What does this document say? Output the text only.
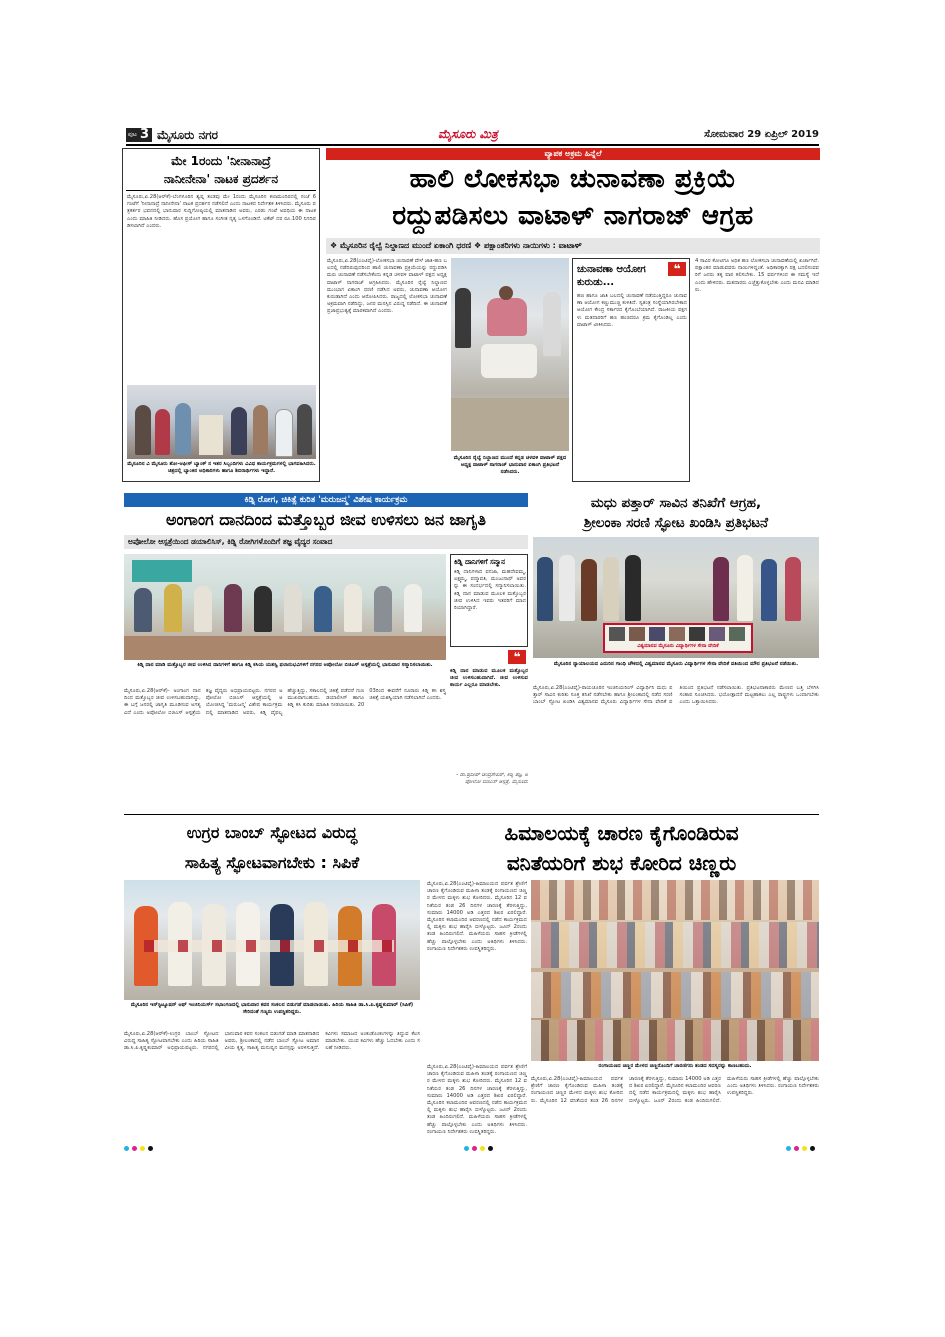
ಪುಟ 3 ಮೈಸೂರು ನಗರ	ಮೈಸೂರು ಮಿತ್ರ	ಸೋಮವಾರ 29 ಏಪ್ರಿಲ್ 2019
ಮೇ 1ರಂದು 'ನೀನಾನಾದ್ರೆ
ನಾನೀನೇನಾ' ನಾಟಕ ಪ್ರದರ್ಶನ
ಮೈಸೂರು,ಏ.28(ಆರ್‌ಕೆ)-ಬೆಂಗಳೂರಿನ ಶ್ವಪ್ನ ತಂಡವು ಮೇ 1ರಂದು ಮೈಸೂರಿನ ಕಲಾಮಂದಿರದಲ್ಲಿ ಸಂಜೆ 6 ಗಂಟೆಗೆ 'ನೀನಾನಾದ್ರೆ ನಾನೀನೇನಾ' ನಾಟಕ ಪ್ರದರ್ಶನ ನಡೆಸಲಿದೆ ಎಂದು ನಾಟಕದ ನಿರ್ದೇಶಕ ತಿಳಿಸಿದರು. ಮೈಸೂರು ಪತ್ರಕರ್ತರ ಭವನದಲ್ಲಿ ಭಾನುವಾರ ಸುದ್ದಿಗೋಷ್ಠಿಯಲ್ಲಿ ಮಾತನಾಡಿದ ಅವರು, ಎರಡು ಗಂಟೆ ಅವಧಿಯ ಈ ನಾಟಕ ಎಂದು ಮಾಹಿತಿ ನೀಡಿದರು. ಹೊಸ ಪ್ರಯೋಗ ಹಾಗೂ ಸಂಗೀತ ನೃತ್ಯ ಒಳಗೊಂಡಿದೆ. ಟಿಕೆಟ್ ದರ ರೂ.100 ನಿಗದಿಪಡಿಸಲಾಗಿದೆ ಎಂದರು.
ಮೈಸೂರಿನ ವಿ ಮೈಸೂರು ಶೋ-ಆಫೀಸ್ ಬ್ಯಾಂಕ್ ನ ಇತರ ಸಿಬ್ಬಂದಿಗಳು ವಿವಿಧ ಕಾರ್ಯಕ್ರಮಗಳಲ್ಲಿ ಭಾಗವಹಿಸಿದರು. ಚಿತ್ರದಲ್ಲಿ ಬ್ಯಾಂಕಿನ ಅಧಿಕಾರಿಗಳು ಹಾಗೂ ಶಿಬಿರಾರ್ಥಿಗಳು ಇದ್ದಾರೆ.
ವ್ಯಾಪಕ ಅಕ್ರಮ ಹಿನ್ನೆಲೆ
ಹಾಲಿ ಲೋಕಸಭಾ ಚುನಾವಣಾ ಪ್ರಕ್ರಿಯೆ
ರದ್ದುಪಡಿಸಲು ವಾಟಾಳ್ ನಾಗರಾಜ್ ಆಗ್ರಹ
❖ ಮೈಸೂರಿನ ರೈಲ್ವೆ ನಿಲ್ದಾಣದ ಮುಂದೆ ಏಕಾಂಗಿ ಧರಣಿ ❖ ಪಕ್ಷಾಂತರಿಗಳು ನಾಯಿಗಳು : ವಾಟಾಳ್
ಮೈಸೂರು,ಏ.28(ಎಂಟಿವೈ)-ಲೋಕಸಭಾ ಚುನಾವಣೆ ವೇಳೆ ಜಾತಿ-ಹಣ ಬಲದಲ್ಲಿ ನಡೆದಿರುವುದರಿಂದ ಹಾಲಿ ಚುನಾವಣಾ ಪ್ರಕ್ರಿಯೆಯನ್ನು ರದ್ದುಪಡಿಸಿ ಮರು ಚುನಾವಣೆ ನಡೆಸಬೇಕೆಂದು ಕನ್ನಡ ಚಳವಳಿ ವಾಟಾಳ್ ಪಕ್ಷದ ಅಧ್ಯಕ್ಷ ವಾಟಾಳ್ ನಾಗರಾಜ್ ಆಗ್ರಹಿಸಿದರು. ಮೈಸೂರಿನ ರೈಲ್ವೆ ನಿಲ್ದಾಣದ ಮುಂಭಾಗ ಏಕಾಂಗಿ ಧರಣಿ ನಡೆಸಿದ ಅವರು, ಚುನಾವಣಾ ಆಯೋಗ ಕುರುಡಾಗಿದೆ ಎಂದು ಆರೋಪಿಸಿದರು. ರಾಜ್ಯದಲ್ಲಿ ಲೋಕಸಭಾ ಚುನಾವಣೆ ಅಕ್ರಮವಾಗಿ ನಡೆದಿದ್ದು, ಜನರ ಮನಸ್ಸಿನ ವಿರುದ್ಧ ನಡೆದಿದೆ. ಈ ಚುನಾವಣೆ ಪ್ರಜಾಪ್ರಭುತ್ವಕ್ಕೆ ಮಾರಕವಾಗಿದೆ ಎಂದರು.
ಮೈಸೂರಿನ ರೈಲ್ವೆ ನಿಲ್ದಾಣದ ಮುಂದೆ ಕನ್ನಡ ಚಳವಳಿ ವಾಟಾಳ್ ಪಕ್ಷದ ಅಧ್ಯಕ್ಷ ವಾಟಾಳ್ ನಾಗರಾಜ್ ಭಾನುವಾರ ಏಕಾಂಗಿ ಪ್ರತಿಭಟನೆ ನಡೆಸಿದರು.
ಚುನಾವಣಾ ಆಯೋಗ ಕುರುಡು...
❝
ಹಣ ಹಾಗೂ ಜಾತಿ ಬಲದಲ್ಲಿ ಚುನಾವಣೆ ನಡೆಯುತ್ತಿದ್ದರೂ ಚುನಾವಣಾ ಆಯೋಗ ಕಣ್ಣುಮುಚ್ಚಿ ಕುಳಿತಿದೆ. ಸ್ವತಂತ್ರ ಸಂಸ್ಥೆಯಾಗಿರಬೇಕಾದ ಆಯೋಗ ಕೇಂದ್ರ ಸರ್ಕಾರದ ಕೈಗೊಂಬೆಯಾಗಿದೆ. ರಾಜಕೀಯ ಪಕ್ಷಗಳು ಮತದಾರರಿಗೆ ಹಣ ಹಂಚಿದರೂ ಕ್ರಮ ಕೈಗೊಂಡಿಲ್ಲ ಎಂದು ವಾಟಾಳ್ ಟೀಕಿಸಿದರು.
4 ಸಾವಿರ ಕೋಟಿಗೂ ಅಧಿಕ ಹಣ ಲೋಕಸಭಾ ಚುನಾವಣೆಯಲ್ಲಿ ಖರ್ಚಾಗಿದೆ. ಪಕ್ಷಾಂತರ ಮಾಡುವವರು ನಾಯಿಗಳಿದ್ದಂತೆ. ಅಧಿಕಾರಕ್ಕಾಗಿ ಪಕ್ಷ ಬದಲಿಸುವವರಿಗೆ ಜನರು ತಕ್ಕ ಪಾಠ ಕಲಿಸಬೇಕು. 15 ವರ್ಷಗಳಿಂದ ಈ ಸಮಸ್ಯೆ ಇದೆ ಎಂದು ಹೇಳಿದರು. ಮತದಾರರು ಎಚ್ಚೆತ್ತುಕೊಳ್ಳಬೇಕು ಎಂದು ಮನವಿ ಮಾಡಿದರು.
ಕಿಡ್ನಿ ರೋಗ, ಚಿಕಿತ್ಸೆ ಕುರಿತ 'ಮರುಜನ್ಮ' ವಿಶೇಷ ಕಾರ್ಯಕ್ರಮ
ಅಂಗಾಂಗ ದಾನದಿಂದ ಮತ್ತೊಬ್ಬರ ಜೀವ ಉಳಿಸಲು ಜನ ಜಾಗೃತಿ
ಅಪೋಲೋ ಆಸ್ಪತ್ರೆಯಿಂದ ಡಯಾಲಿಸಿಸ್, ಕಿಡ್ನಿ ರೋಗಿಗಳೊಂದಿಗೆ ತಜ್ಞ ವೈದ್ಯರ ಸಂವಾದ
ಕಿಡ್ನಿ ದಾನ ಮಾಡಿ ಮತ್ತೊಬ್ಬರ ಜೀವ ಉಳಿಸಿದ ದಾನಿಗಳಿಗೆ ಹಾಗೂ ಕಿಡ್ನಿ ಕಸಿಯ ಯಶಸ್ವಿ ಫಲಾನುಭವಿಗಳಿಗೆ ನಗರದ ಅಪೋಲೋ ಬಿಜಿಎಸ್ ಆಸ್ಪತ್ರೆಯಲ್ಲಿ ಭಾನುವಾರ ಸನ್ಮಾನಿಸಲಾಯಿತು.
ಮೈಸೂರು,ಏ.28(ಆರ್‌ಕೆ)- ಅಂಗಾಂಗ ದಾನದಿಂದ ಮತ್ತೊಬ್ಬರ ಜೀವ ಉಳಿಸಬಹುದಾಗಿದ್ದು, ಈ ಬಗ್ಗೆ ಜನರಲ್ಲಿ ಜಾಗೃತಿ ಮೂಡಿಸುವ ಅಗತ್ಯವಿದೆ ಎಂದು ಅಪೋಲೋ ಬಿಜಿಎಸ್ ಆಸ್ಪತ್ರೆಯ ತಜ್ಞ ವೈದ್ಯರು ಅಭಿಪ್ರಾಯಪಟ್ಟರು. ನಗರದ ಅಪೋಲೋ ಬಿಜಿಎಸ್ ಆಸ್ಪತ್ರೆಯಲ್ಲಿ ಆಯೋಜಿಸಿದ್ದ 'ಮರುಜನ್ಮ' ವಿಶೇಷ ಕಾರ್ಯಕ್ರಮದಲ್ಲಿ ಮಾತನಾಡಿದ ಅವರು, ಕಿಡ್ನಿ ವೈಫಲ್ಯ ಹೆಚ್ಚುತ್ತಿದ್ದು, ಸಕಾಲದಲ್ಲಿ ಚಿಕಿತ್ಸೆ ಪಡೆದರೆ ಗುಣಮುಖರಾಗಬಹುದು. ಡಯಾಲಿಸಿಸ್ ಹಾಗೂ ಕಿಡ್ನಿ ಕಸಿ ಕುರಿತು ಮಾಹಿತಿ ನೀಡಲಾಯಿತು. 2003ರಿಂದ ಈವರೆಗೆ ನೂರಾರು ಕಿಡ್ನಿ ಕಸಿ ಶಸ್ತ್ರಚಿಕಿತ್ಸೆ ಯಶಸ್ವಿಯಾಗಿ ನಡೆಸಲಾಗಿದೆ ಎಂದರು.
ಕಿಡ್ನಿ ದಾನಿಗಳಿಗೆ ಸನ್ಮಾನ
ಕಿಡ್ನಿ ದಾನಿಗಳಾದ ವನಜಾ, ಮಹದೇವಮ್ಮ, ಲಕ್ಷ್ಮಮ್ಮ, ಪದ್ಮಾವತಿ, ಮಂಜುನಾಥ್ ಅವರನ್ನು ಈ ಸಂದರ್ಭದಲ್ಲಿ ಸನ್ಮಾನಿಸಲಾಯಿತು. ಕಿಡ್ನಿ ದಾನ ಮಾಡುವ ಮೂಲಕ ಮತ್ತೊಬ್ಬರ ಜೀವ ಉಳಿಸಿದ ಇವರು ಇತರರಿಗೆ ಮಾದರಿಯಾಗಿದ್ದಾರೆ.
❝
ಕಿಡ್ನಿ ದಾನ ಮಾಡುವ ಮೂಲಕ ಮತ್ತೊಬ್ಬರ ಜೀವ ಉಳಿಸಬಹುದಾಗಿದೆ. ಜೀವ ಉಳಿಸುವ ಕಾರ್ಯ ಎಲ್ಲರೂ ಮಾಡಬೇಕು.
- ಡಾ.ಪ್ರದೀಪ್ ಚಂದ್ರಶೇಖರ್, ಕಿಡ್ನಿ ತಜ್ಞ, ಅಪೋಲೋ ಬಿಜಿಎಸ್ ಆಸ್ಪತ್ರೆ, ಮೈಸೂರು
ಮಧು ಪತ್ತಾರ್ ಸಾವಿನ ತನಿಖೆಗೆ ಆಗ್ರಹ,
ಶ್ರೀಲಂಕಾ ಸರಣಿ ಸ್ಫೋಟ ಖಂಡಿಸಿ ಪ್ರತಿಭಟನೆ
ವಿಶ್ವಮಾನವ ಮೈಸೂರು ವಿದ್ಯಾರ್ಥಿಗಳ ಸೇನಾ ವೇದಿಕೆ
ಮೈಸೂರಿನ ನ್ಯಾಯಾಲಯದ ಎದುರಿನ ಗಾಂಧಿ ಚೌಕದಲ್ಲಿ ವಿಶ್ವಮಾನವ ಮೈಸೂರು ವಿದ್ಯಾರ್ಥಿಗಳ ಸೇನಾ ವೇದಿಕೆ ವತಿಯಿಂದ ಮೌನ ಪ್ರತಿಭಟನೆ ನಡೆಯಿತು.
ಮೈಸೂರು,ಏ.28(ಎಂಟಿವೈ)-ರಾಯಚೂರಿನ ಇಂಜಿನಿಯರಿಂಗ್ ವಿದ್ಯಾರ್ಥಿನಿ ಮಧು ಪತ್ತಾರ್ ಸಾವಿನ ಕುರಿತು ಸೂಕ್ತ ತನಿಖೆ ನಡೆಸಬೇಕು ಹಾಗೂ ಶ್ರೀಲಂಕಾದಲ್ಲಿ ನಡೆದ ಸರಣಿ ಬಾಂಬ್ ಸ್ಫೋಟ ಖಂಡಿಸಿ ವಿಶ್ವಮಾನವ ಮೈಸೂರು ವಿದ್ಯಾರ್ಥಿಗಳ ಸೇನಾ ವೇದಿಕೆ ವತಿಯಿಂದ ಪ್ರತಿಭಟನೆ ನಡೆಸಲಾಯಿತು. ಪ್ರತಿಭಟನಾಕಾರರು ಮೇಣದ ಬತ್ತಿ ಬೆಳಗಿಸಿ ಸಂತಾಪ ಸೂಚಿಸಿದರು. ಭಯೋತ್ಪಾದನೆ ಮಟ್ಟಹಾಕಲು ಎಲ್ಲ ರಾಷ್ಟ್ರಗಳು ಒಂದಾಗಬೇಕು ಎಂದು ಒತ್ತಾಯಿಸಿದರು.
ಉಗ್ರರ ಬಾಂಬ್ ಸ್ಫೋಟದ ವಿರುದ್ಧ
ಸಾಹಿತ್ಯ ಸ್ಫೋಟವಾಗಬೇಕು : ಸಿಪಿಕೆ
ಮೈಸೂರಿನ ಇನ್‌ಸ್ಟಿಟ್ಯೂಷನ್ ಆಫ್ ಇಂಜಿನಿಯರ್ಸ್ ಸಭಾಂಗಣದಲ್ಲಿ ಭಾನುವಾರ ಕವನ ಸಂಕಲನ ಬಿಡುಗಡೆ ಮಾಡಲಾಯಿತು. ಹಿರಿಯ ಸಾಹಿತಿ ಡಾ.ಸಿ.ಪಿ.ಕೃಷ್ಣಕುಮಾರ್ (ಸಿಪಿಕೆ) ಸೇರಿದಂತೆ ಗಣ್ಯರು ಉಪಸ್ಥಿತರಿದ್ದರು.
ಮೈಸೂರು,ಏ.28(ಆರ್‌ಕೆ)-ಉಗ್ರರ ಬಾಂಬ್ ಸ್ಫೋಟದ ವಿರುದ್ಧ ಸಾಹಿತ್ಯ ಸ್ಫೋಟವಾಗಬೇಕು ಎಂದು ಹಿರಿಯ ಸಾಹಿತಿ ಡಾ.ಸಿ.ಪಿ.ಕೃಷ್ಣಕುಮಾರ್ ಅಭಿಪ್ರಾಯಪಟ್ಟರು. ನಗರದಲ್ಲಿ ಭಾನುವಾರ ಕವನ ಸಂಕಲನ ಬಿಡುಗಡೆ ಮಾಡಿ ಮಾತನಾಡಿದ ಅವರು, ಶ್ರೀಲಂಕಾದಲ್ಲಿ ನಡೆದ ಬಾಂಬ್ ಸ್ಫೋಟ ಅಮಾನವೀಯ ಕೃತ್ಯ. ಸಾಹಿತ್ಯ ಮನುಷ್ಯನ ಮನಸ್ಸನ್ನು ಅರಳಿಸುತ್ತದೆ. ಕವಿಗಳು ಸಮಾಜದ ಅಂಕುಡೊಂಕುಗಳನ್ನು ತಿದ್ದುವ ಕೆಲಸ ಮಾಡಬೇಕು. ಯುವ ಕವಿಗಳು ಹೆಚ್ಚು ಓದಬೇಕು ಎಂದು ಸಲಹೆ ನೀಡಿದರು.
ಹಿಮಾಲಯಕ್ಕೆ ಚಾರಣ ಕೈಗೊಂಡಿರುವ
ವನಿತೆಯರಿಗೆ ಶುಭ ಕೋರಿದ ಚಿಣ್ಣರು
ಮೈಸೂರು,ಏ.28(ಎಂಟಿವೈ)-ಹಿಮಾಲಯದ ಪರ್ವತ ಶ್ರೇಣಿಗೆ ಚಾರಣ ಕೈಗೊಂಡಿರುವ ಮಹಿಳಾ ತಂಡಕ್ಕೆ ರಂಗಾಯಣದ ಚಿಣ್ಣರ ಮೇಳದ ಮಕ್ಕಳು ಶುಭ ಕೋರಿದರು. ಮೈಸೂರಿನ 12 ವನಿತೆಯರ ತಂಡ 26 ದಿನಗಳ ಚಾರಣಕ್ಕೆ ತೆರಳುತ್ತಿದ್ದು, ಸುಮಾರು 14000 ಅಡಿ ಎತ್ತರದ ಶಿಖರ ಏರಲಿದ್ದಾರೆ. ಮೈಸೂರಿನ ಕಲಾಮಂದಿರ ಆವರಣದಲ್ಲಿ ನಡೆದ ಕಾರ್ಯಕ್ರಮದಲ್ಲಿ ಮಕ್ಕಳು ಶುಭ ಹಾರೈಸಿ ಬೀಳ್ಕೊಟ್ಟರು. ಜೂನ್ 2ರಂದು ತಂಡ ಹಿಂದಿರುಗಲಿದೆ. ಮಹಿಳೆಯರು ಸಾಹಸ ಕ್ರೀಡೆಗಳಲ್ಲಿ ಹೆಚ್ಚು ಪಾಲ್ಗೊಳ್ಳಬೇಕು ಎಂದು ಅತಿಥಿಗಳು ತಿಳಿಸಿದರು. ರಂಗಾಯಣ ನಿರ್ದೇಶಕರು ಉಪಸ್ಥಿತರಿದ್ದರು.
ರಂಗಾಯಣದ ಚಿಣ್ಣರ ಮೇಳದ ಚಿಣ್ಣರೊಂದಿಗೆ ಚಾರಣಿಗರು ತಂಡದ ಸದಸ್ಯರನ್ನು ಕಾಣಬಹುದು.
ಮೈಸೂರು,ಏ.28(ಎಂಟಿವೈ)-ಹಿಮಾಲಯದ ಪರ್ವತ ಶ್ರೇಣಿಗೆ ಚಾರಣ ಕೈಗೊಂಡಿರುವ ಮಹಿಳಾ ತಂಡಕ್ಕೆ ರಂಗಾಯಣದ ಚಿಣ್ಣರ ಮೇಳದ ಮಕ್ಕಳು ಶುಭ ಕೋರಿದರು. ಮೈಸೂರಿನ 12 ವನಿತೆಯರ ತಂಡ 26 ದಿನಗಳ ಚಾರಣಕ್ಕೆ ತೆರಳುತ್ತಿದ್ದು, ಸುಮಾರು 14000 ಅಡಿ ಎತ್ತರದ ಶಿಖರ ಏರಲಿದ್ದಾರೆ. ಮೈಸೂರಿನ ಕಲಾಮಂದಿರ ಆವರಣದಲ್ಲಿ ನಡೆದ ಕಾರ್ಯಕ್ರಮದಲ್ಲಿ ಮಕ್ಕಳು ಶುಭ ಹಾರೈಸಿ ಬೀಳ್ಕೊಟ್ಟರು. ಜೂನ್ 2ರಂದು ತಂಡ ಹಿಂದಿರುಗಲಿದೆ. ಮಹಿಳೆಯರು ಸಾಹಸ ಕ್ರೀಡೆಗಳಲ್ಲಿ ಹೆಚ್ಚು ಪಾಲ್ಗೊಳ್ಳಬೇಕು ಎಂದು ಅತಿಥಿಗಳು ತಿಳಿಸಿದರು. ರಂಗಾಯಣ ನಿರ್ದೇಶಕರು ಉಪಸ್ಥಿತರಿದ್ದರು.
ಮೈಸೂರು,ಏ.28(ಎಂಟಿವೈ)-ಹಿಮಾಲಯದ ಪರ್ವತ ಶ್ರೇಣಿಗೆ ಚಾರಣ ಕೈಗೊಂಡಿರುವ ಮಹಿಳಾ ತಂಡಕ್ಕೆ ರಂಗಾಯಣದ ಚಿಣ್ಣರ ಮೇಳದ ಮಕ್ಕಳು ಶುಭ ಕೋರಿದರು. ಮೈಸೂರಿನ 12 ವನಿತೆಯರ ತಂಡ 26 ದಿನಗಳ ಚಾರಣಕ್ಕೆ ತೆರಳುತ್ತಿದ್ದು, ಸುಮಾರು 14000 ಅಡಿ ಎತ್ತರದ ಶಿಖರ ಏರಲಿದ್ದಾರೆ. ಮೈಸೂರಿನ ಕಲಾಮಂದಿರ ಆವರಣದಲ್ಲಿ ನಡೆದ ಕಾರ್ಯಕ್ರಮದಲ್ಲಿ ಮಕ್ಕಳು ಶುಭ ಹಾರೈಸಿ ಬೀಳ್ಕೊಟ್ಟರು. ಜೂನ್ 2ರಂದು ತಂಡ ಹಿಂದಿರುಗಲಿದೆ. ಮಹಿಳೆಯರು ಸಾಹಸ ಕ್ರೀಡೆಗಳಲ್ಲಿ ಹೆಚ್ಚು ಪಾಲ್ಗೊಳ್ಳಬೇಕು ಎಂದು ಅತಿಥಿಗಳು ತಿಳಿಸಿದರು. ರಂಗಾಯಣ ನಿರ್ದೇಶಕರು ಉಪಸ್ಥಿತರಿದ್ದರು.
